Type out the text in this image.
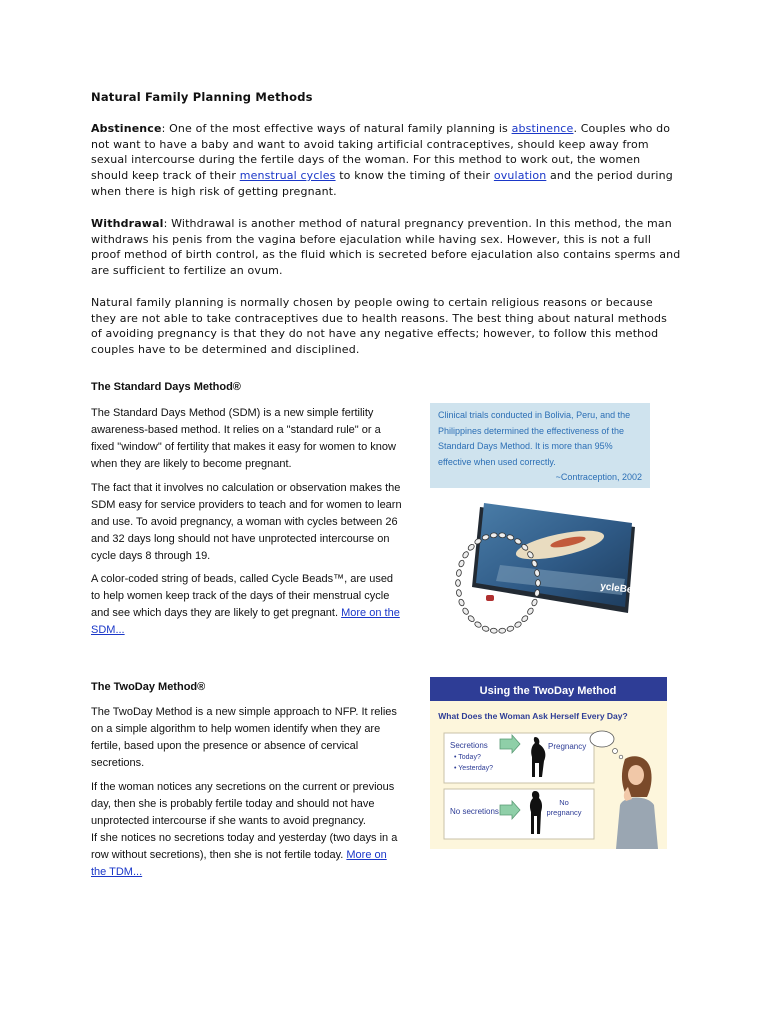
Natural Family Planning Methods

Abstinence: One of the most effective ways of natural family planning is abstinence. Couples who do not want to have a baby and want to avoid taking artificial contraceptives, should keep away from sexual intercourse during the fertile days of the woman. For this method to work out, the women should keep track of their menstrual cycles to know the timing of their ovulation and the period during when there is high risk of getting pregnant.

Withdrawal: Withdrawal is another method of natural pregnancy prevention. In this method, the man withdraws his penis from the vagina before ejaculation while having sex. However, this is not a full proof method of birth control, as the fluid which is secreted before ejaculation also contains sperms and are sufficient to fertilize an ovum.

Natural family planning is normally chosen by people owing to certain religious reasons or because they are not able to take contraceptives due to health reasons. The best thing about natural methods of avoiding pregnancy is that they do not have any negative effects; however, to follow this method couples have to be determined and disciplined.

The Standard Days Method®

The Standard Days Method (SDM) is a new simple fertility awareness-based method. It relies on a "standard rule" or a fixed "window" of fertility that makes it easy for women to know when they are likely to become pregnant.

The fact that it involves no calculation or observation makes the SDM easy for service providers to teach and for women to learn and use. To avoid pregnancy, a woman with cycles between 26 and 32 days long should not have unprotected intercourse on cycle days 8 through 19.

A color-coded string of beads, called Cycle Beads™, are used to help women keep track of the days of their menstrual cycle and see which days they are likely to get pregnant. More on the SDM...

Clinical trials conducted in Bolivia, Peru, and the Philippines determined the effectiveness of the Standard Days Method. It is more than 95% effective when used correctly.
~Contraception, 2002
ycleBeads

The TwoDay Method®

The TwoDay Method is a new simple approach to NFP. It relies on a simple algorithm to help women identify when they are fertile, based upon the presence or absence of cervical secretions.

If the woman notices any secretions on the current or previous day, then she is probably fertile today and should not have unprotected intercourse if she wants to avoid pregnancy.
If she notices no secretions today and yesterday (two days in a row without secretions), then she is not fertile today. More on the TDM...

Using the TwoDay Method
What Does the Woman Ask Herself Every Day?
Secretions
• Today?
• Yesterday?
Pregnancy
No secretions
No
pregnancy
